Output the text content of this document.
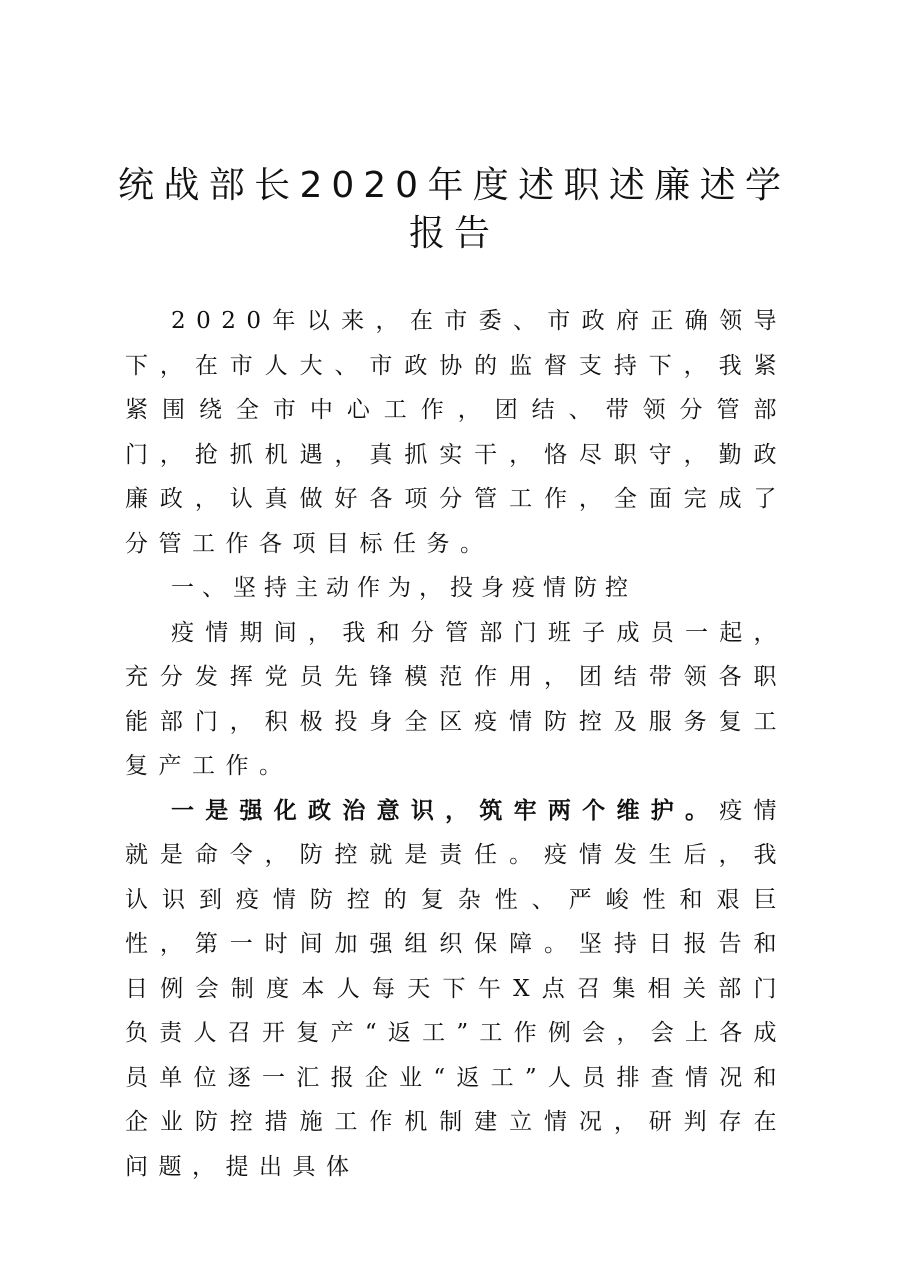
统战部长2020年度述职述廉述学报告

2020年以来，在市委、市政府正确领导下，在市人大、市政协的监督支持下，我紧紧围绕全市中心工作，团结、带领分管部门，抢抓机遇，真抓实干，恪尽职守，勤政廉政，认真做好各项分管工作，全面完成了分管工作各项目标任务。

一、坚持主动作为，投身疫情防控

疫情期间，我和分管部门班子成员一起，充分发挥党员先锋模范作用，团结带领各职能部门，积极投身全区疫情防控及服务复工复产工作。

一是强化政治意识，筑牢两个维护。疫情就是命令，防控就是责任。疫情发生后，我认识到疫情防控的复杂性、严峻性和艰巨性，第一时间加强组织保障。坚持日报告和日例会制度本人每天下午X点召集相关部门负责人召开复产“返工”工作例会，会上各成员单位逐一汇报企业“返工”人员排查情况和企业防控措施工作机制建立情况，研判存在问题，提出具体
